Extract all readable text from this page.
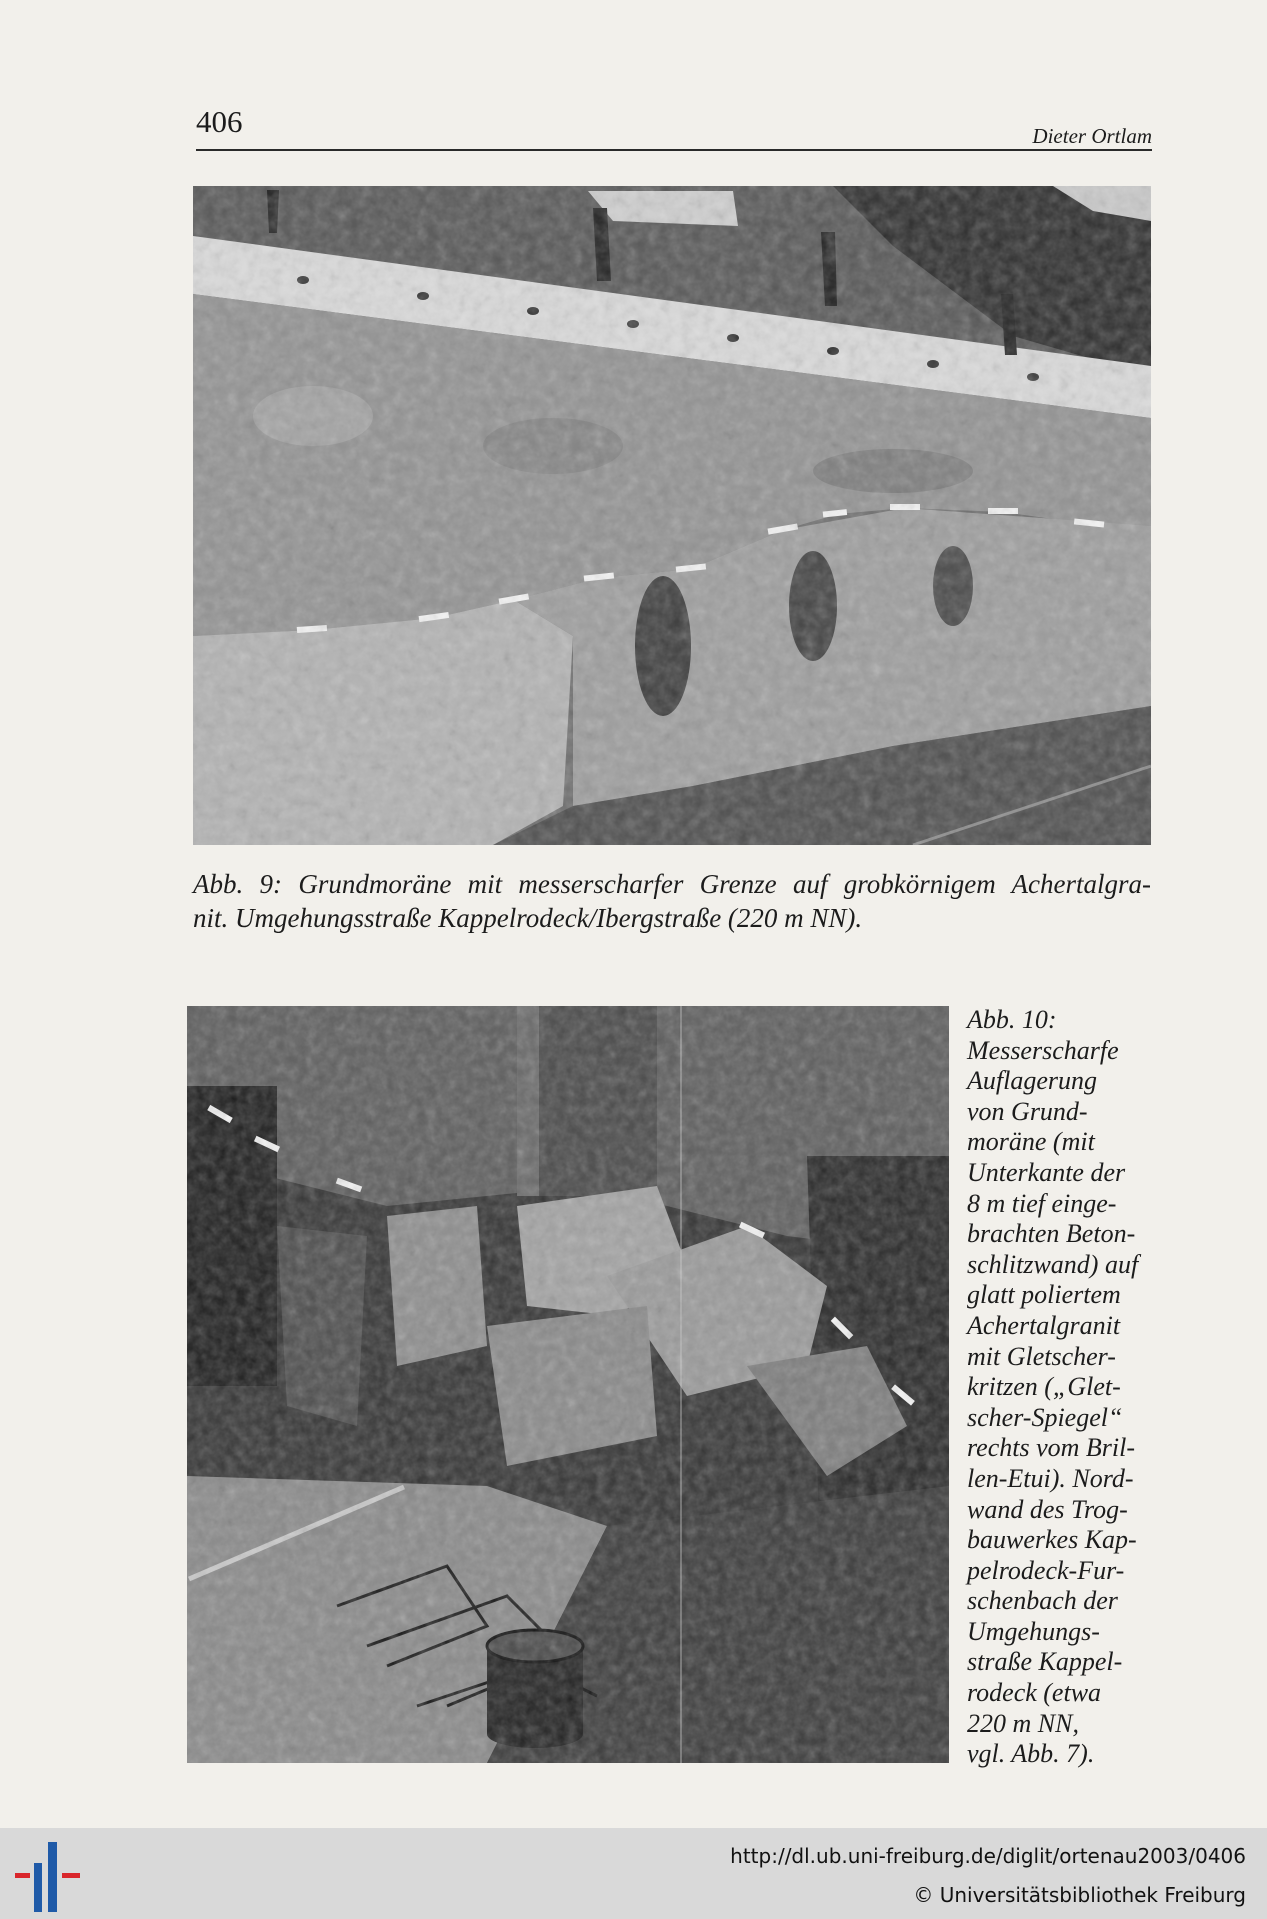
406	Dieter Ortlam
Abb. 9: Grundmoräne mit messerscharfer Grenze auf grobkörnigem Achertalgra-
nit. Umgehungsstraße Kappelrodeck/Ibergstraße (220 m NN).
Abb. 10:
Messerscharfe
Auflagerung
von Grund-
moräne (mit
Unterkante der
8 m tief einge-
brachten Beton-
schlitzwand) auf
glatt poliertem
Achertalgranit
mit Gletscher-
kritzen („Glet-
scher-Spiegel“
rechts vom Bril-
len-Etui). Nord-
wand des Trog-
bauwerkes Kap-
pelrodeck-Fur-
schenbach der
Umgehungs-
straße Kappel-
rodeck (etwa
220 m NN,
vgl. Abb. 7).
http://dl.ub.uni-freiburg.de/diglit/ortenau2003/0406
© Universitätsbibliothek Freiburg
